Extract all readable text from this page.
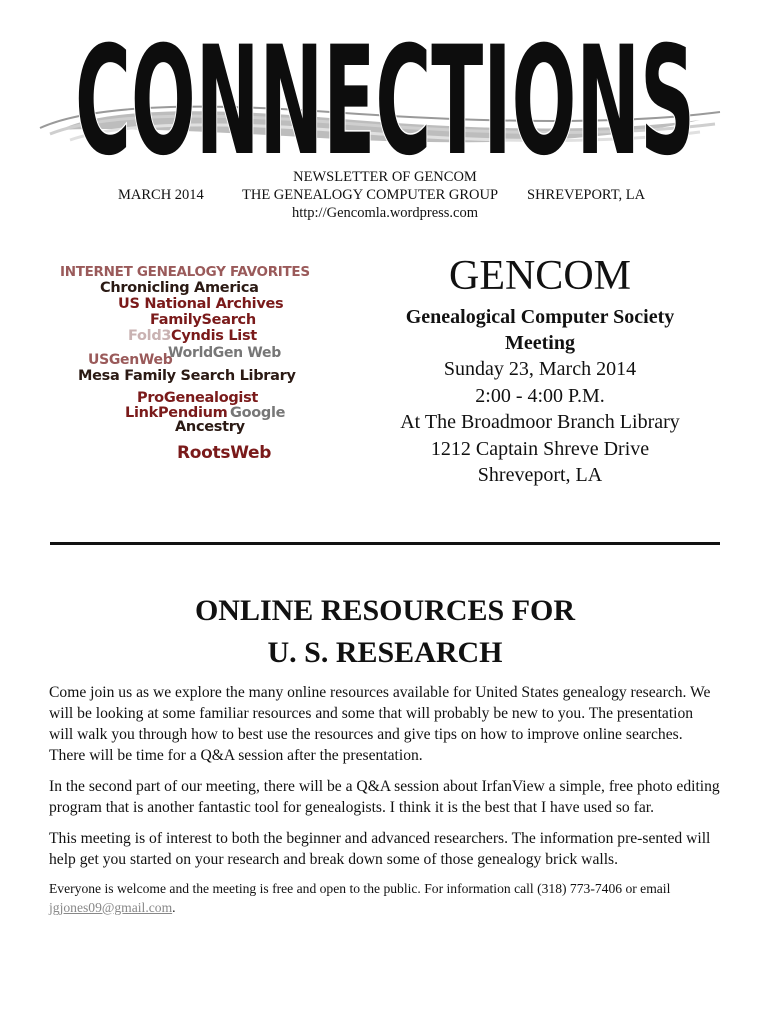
CONNECTIONS
NEWSLETTER OF GENCOM
MARCH 2014	THE GENEALOGY COMPUTER GROUP SHREVEPORT, LA
http://Gencomla.wordpress.com
INTERNET GENEALOGY FAVORITES
Chronicling America
US National Archives
FamilySearch
Fold3 Cyndis List
USGenWeb
WorldGen Web
Mesa Family Search Library
ProGenealogist
LinkPendium Google
Ancestry
RootsWeb
GENCOM
Genealogical Computer Society
Meeting
Sunday 23, March 2014
2:00 - 4:00 P.M.
At The Broadmoor Branch Library
1212 Captain Shreve Drive
Shreveport, LA
ONLINE RESOURCES FOR
U. S. RESEARCH

Come join us as we explore the many online resources available for United States genealogy research. We will be looking at some familiar resources and some that will probably be new to you. The presentation will walk you through how to best use the resources and give tips on how to improve online searches. There will be time for a Q&A session after the presentation.

In the second part of our meeting, there will be a Q&A session about IrfanView a simple, free photo editing program that is another fantastic tool for genealogists. I think it is the best that I have used so far.

This meeting is of interest to both the beginner and advanced researchers. The information pre-sented will help get you started on your research and break down some of those genealogy brick walls.

Everyone is welcome and the meeting is free and open to the public. For information call (318) 773-7406 or email jgjones09@gmail.com.
